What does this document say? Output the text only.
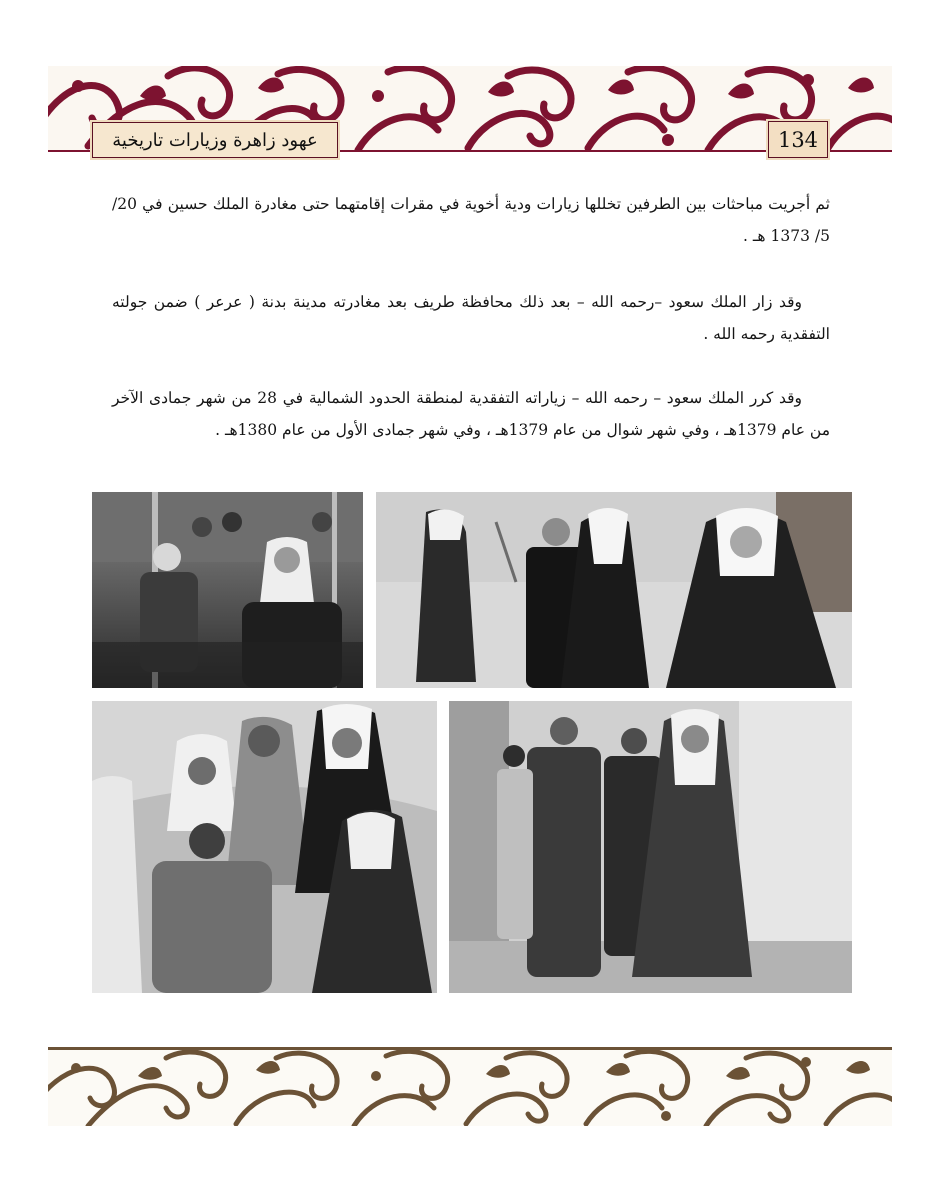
عهود زاهرة وزيارات تاريخية	134

ثم أجريت مباحثات بين الطرفين تخللها زيارات ودية أخوية في مقرات إقامتهما حتى مغادرة الملك حسين في 20/ 5/ 1373 هـ .

وقد زار الملك سعود –رحمه الله – بعد ذلك محافظة طريف بعد مغادرته مدينة بدنة ( عرعر ) ضمن جولته التفقدية رحمه الله .

وقد كرر الملك سعود – رحمه الله – زياراته التفقدية لمنطقة الحدود الشمالية في 28 من شهر جمادى الآخر من عام 1379هـ ، وفي شهر شوال من عام 1379هـ ، وفي شهر جمادى الأول من عام 1380هـ .
